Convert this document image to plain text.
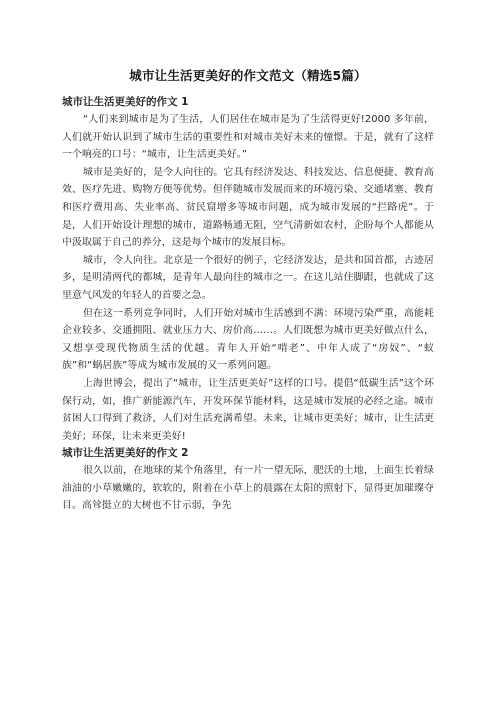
城市让生活更美好的作文范文（精选5篇）
城市让生活更美好的作文 1

“人们来到城市是为了生活，人们居住在城市是为了生活得更好!2000 多年前，人们就开始认识到了城市生活的重要性和对城市美好未来的憧憬。于是，就有了这样一个响亮的口号：“城市，让生活更美好。”

城市是美好的，是令人向往的。它具有经济发达、科技发达、信息便捷、教育高效、医疗先进、购物方便等优势。但伴随城市发展而来的环境污染、交通堵塞、教育和医疗费用高、失业率高、贫民窟增多等城市问题，成为城市发展的“拦路虎”。于是，人们开始设计理想的城市，道路畅通无阻，空气清新如农村，企盼每个人都能从中汲取属于自己的养分，这是每个城市的发展目标。

城市，令人向往。北京是一个很好的例子，它经济发达，是共和国首都，古迹居多，是明清两代的都城，是青年人最向往的城市之一。在这儿站住脚跟，也就成了这里意气风发的年轻人的首要之急。

但在这一系列竞争同时，人们开始对城市生活感到不满：环境污染严重，高能耗企业较多、交通拥阻、就业压力大、房价高……。人们既想为城市更美好做点什么，又想享受现代物质生活的优越。青年人开始“啃老”、中年人成了“房奴”、“蚁族”和“蜗居族”等成为城市发展的又一系列问题。

上海世博会，提出了“城市，让生活更美好”这样的口号。提倡“低碳生活”这个环保行动，如，推广新能源汽车，开发环保节能材料，这是城市发展的必经之途。城市贫困人口得到了救济，人们对生活充满希望。未来，让城市更美好；城市，让生活更美好；环保，让未来更美好!

城市让生活更美好的作文 2

很久以前，在地球的某个角落里，有一片一望无际，肥沃的土地，上面生长着绿油油的小草嫩嫩的，软软的，附着在小草上的晨露在太阳的照射下，显得更加璀璨夺目。高耸挺立的大树也不甘示弱，争先
